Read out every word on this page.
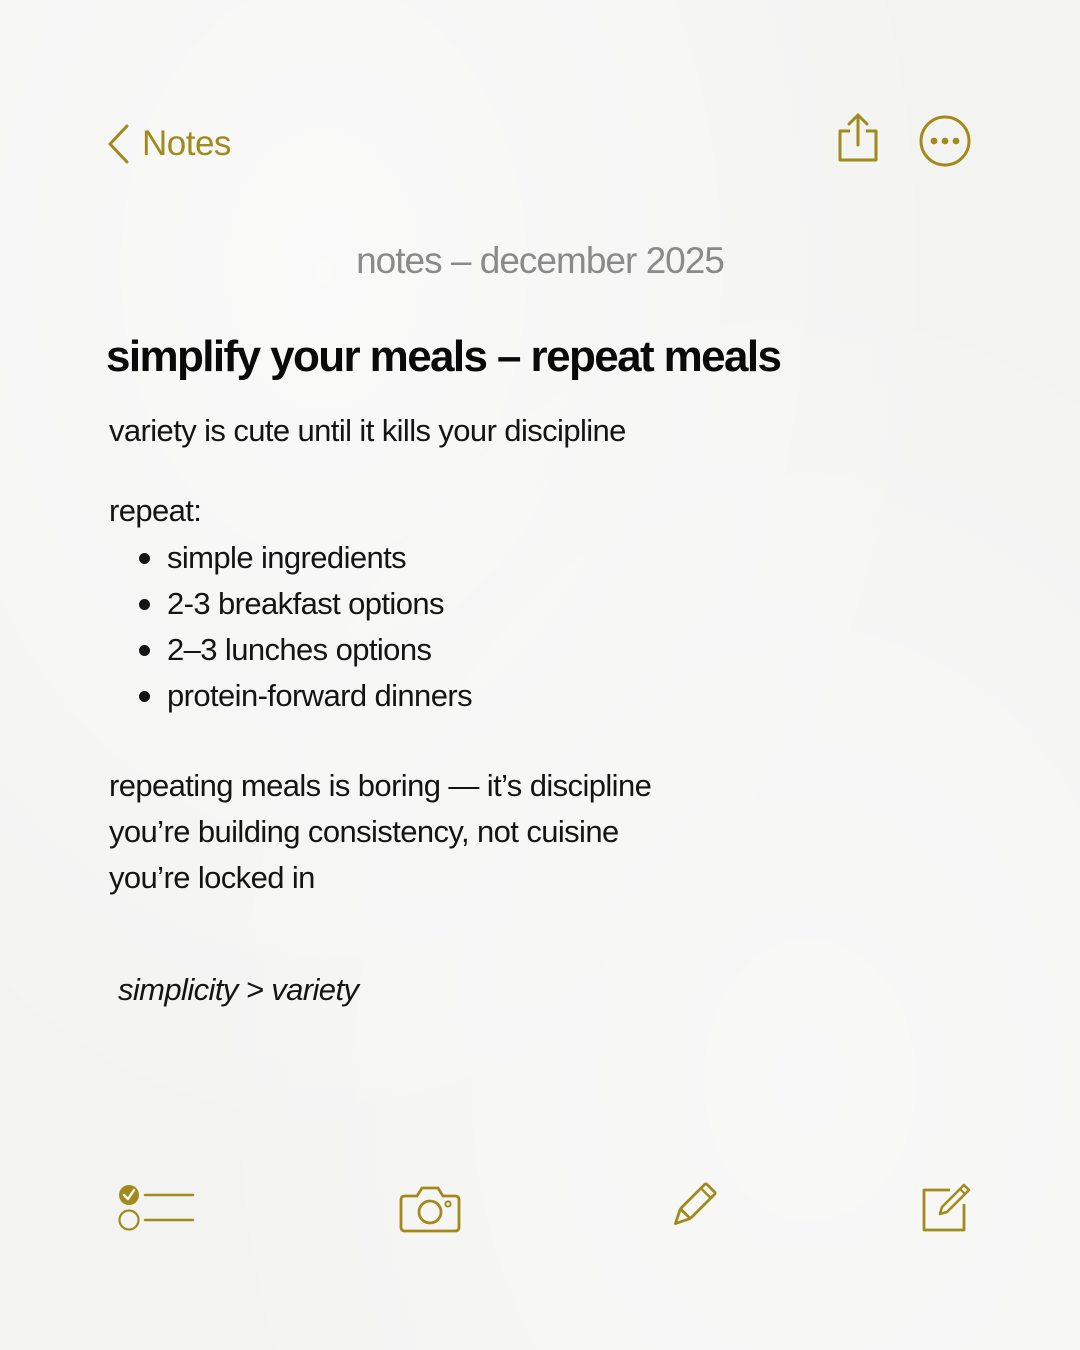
Notes
notes – december 2025
simplify your meals – repeat meals
variety is cute until it kills your discipline
repeat:
simple ingredients
2-3 breakfast options
2–3 lunches options
protein-forward dinners
repeating meals is boring — it’s discipline
you’re building consistency, not cuisine
you’re locked in
simplicity > variety
